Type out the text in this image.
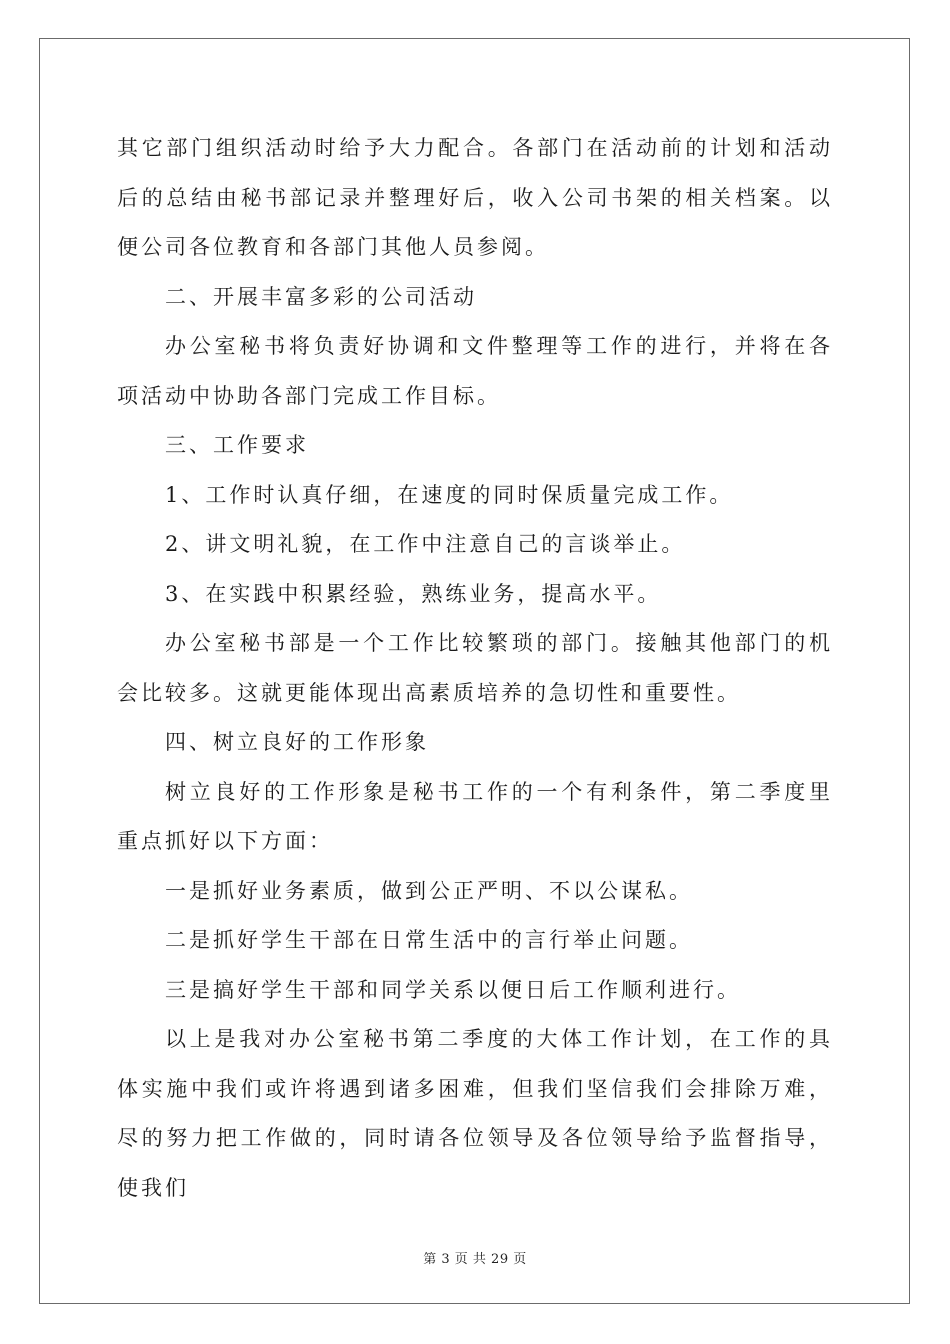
其它部门组织活动时给予大力配合。各部门在活动前的计划和活动后的总结由秘书部记录并整理好后，收入公司书架的相关档案。以便公司各位教育和各部门其他人员参阅。

二、开展丰富多彩的公司活动

办公室秘书将负责好协调和文件整理等工作的进行，并将在各项活动中协助各部门完成工作目标。

三、工作要求

1、工作时认真仔细，在速度的同时保质量完成工作。

2、讲文明礼貌，在工作中注意自己的言谈举止。

3、在实践中积累经验，熟练业务，提高水平。

办公室秘书部是一个工作比较繁琐的部门。接触其他部门的机会比较多。这就更能体现出高素质培养的急切性和重要性。

四、树立良好的工作形象

树立良好的工作形象是秘书工作的一个有利条件，第二季度里重点抓好以下方面：

一是抓好业务素质，做到公正严明、不以公谋私。

二是抓好学生干部在日常生活中的言行举止问题。

三是搞好学生干部和同学关系以便日后工作顺利进行。

以上是我对办公室秘书第二季度的大体工作计划，在工作的具体实施中我们或许将遇到诸多困难，但我们坚信我们会排除万难，尽的努力把工作做的，同时请各位领导及各位领导给予监督指导，使我们

第 3 页 共 29 页
